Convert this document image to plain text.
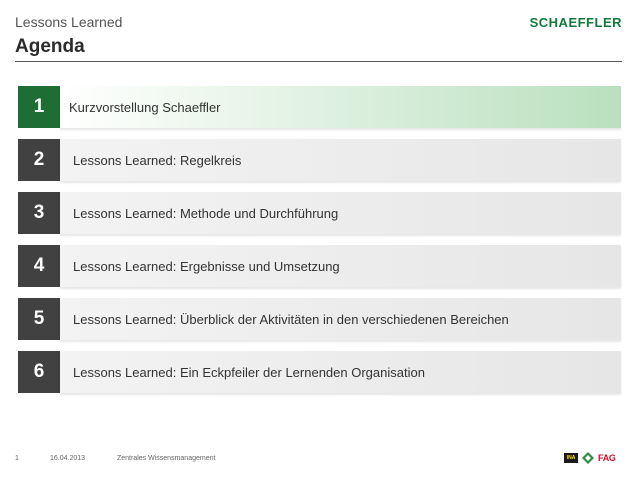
Lessons Learned
Agenda
SCHAEFFLER
1	Kurzvorstellung Schaeffler
2	Lessons Learned: Regelkreis
3	Lessons Learned: Methode und Durchführung
4	Lessons Learned: Ergebnisse und Umsetzung
5	Lessons Learned: Überblick der Aktivitäten in den verschiedenen Bereichen
6	Lessons Learned: Ein Eckpfeiler der Lernenden Organisation
1	16.04.2013	Zentrales Wissensmanagement	INA	FAG
